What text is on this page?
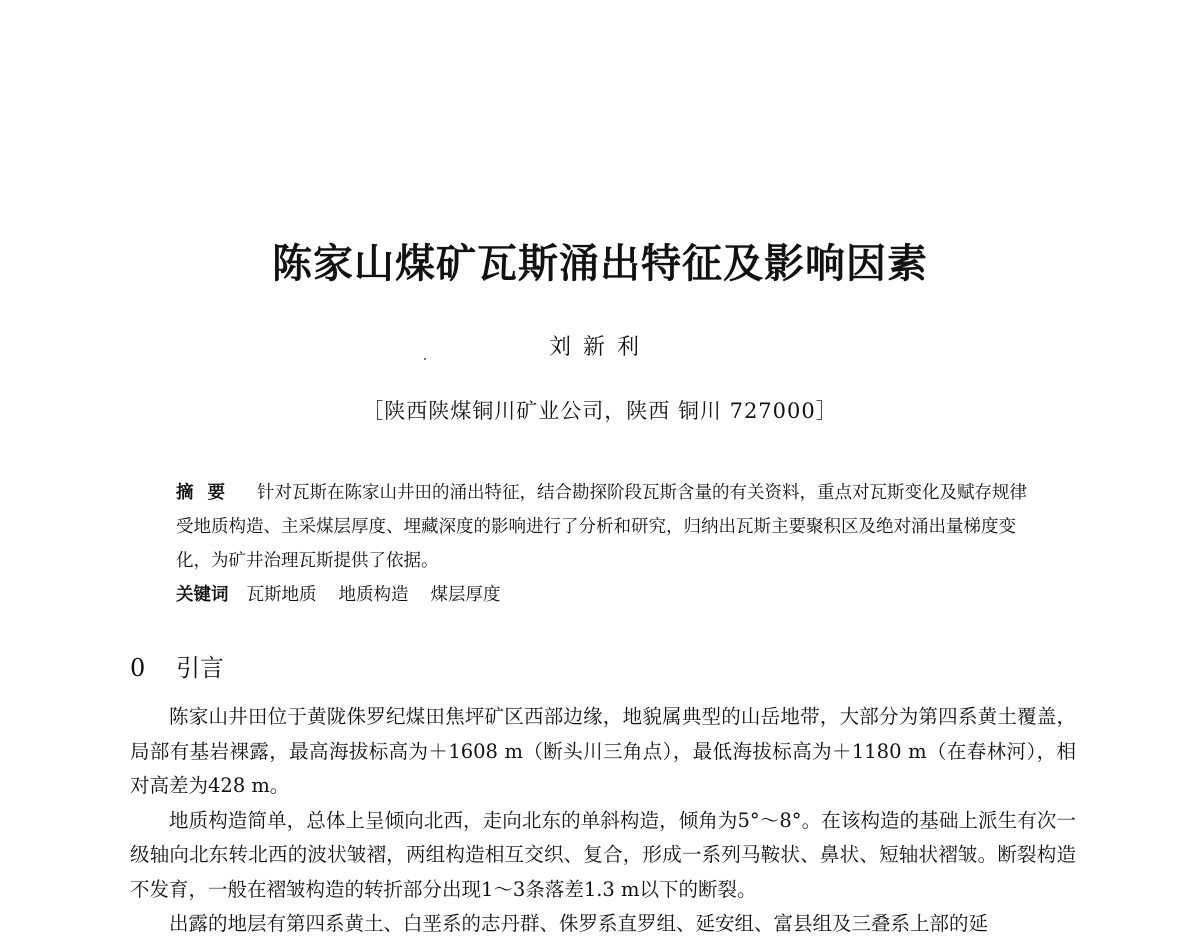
陈家山煤矿瓦斯涌出特征及影响因素
刘新利
［陕西陕煤铜川矿业公司，陕西 铜川 727000］

摘要 针对瓦斯在陈家山井田的涌出特征，结合勘探阶段瓦斯含量的有关资料，重点对瓦斯变化及赋存规律受地质构造、主采煤层厚度、埋藏深度的影响进行了分析和研究，归纳出瓦斯主要聚积区及绝对涌出量梯度变化，为矿井治理瓦斯提供了依据。

关键词 瓦斯地质 地质构造 煤层厚度

0 引言

陈家山井田位于黄陇侏罗纪煤田焦坪矿区西部边缘，地貌属典型的山岳地带，大部分为第四系黄土覆盖，局部有基岩裸露，最高海拔标高为＋1608 m（断头川三角点），最低海拔标高为＋1180 m（在春林河），相对高差为428 m。

地质构造简单，总体上呈倾向北西，走向北东的单斜构造，倾角为5°～8°。在该构造的基础上派生有次一级轴向北东转北西的波状皱褶，两组构造相互交织、复合，形成一系列马鞍状、鼻状、短轴状褶皱。断裂构造不发育，一般在褶皱构造的转折部分出现1～3条落差1.3 m以下的断裂。

出露的地层有第四系黄土、白垩系的志丹群、侏罗系直罗组、延安组、富县组及三叠系上部的延
